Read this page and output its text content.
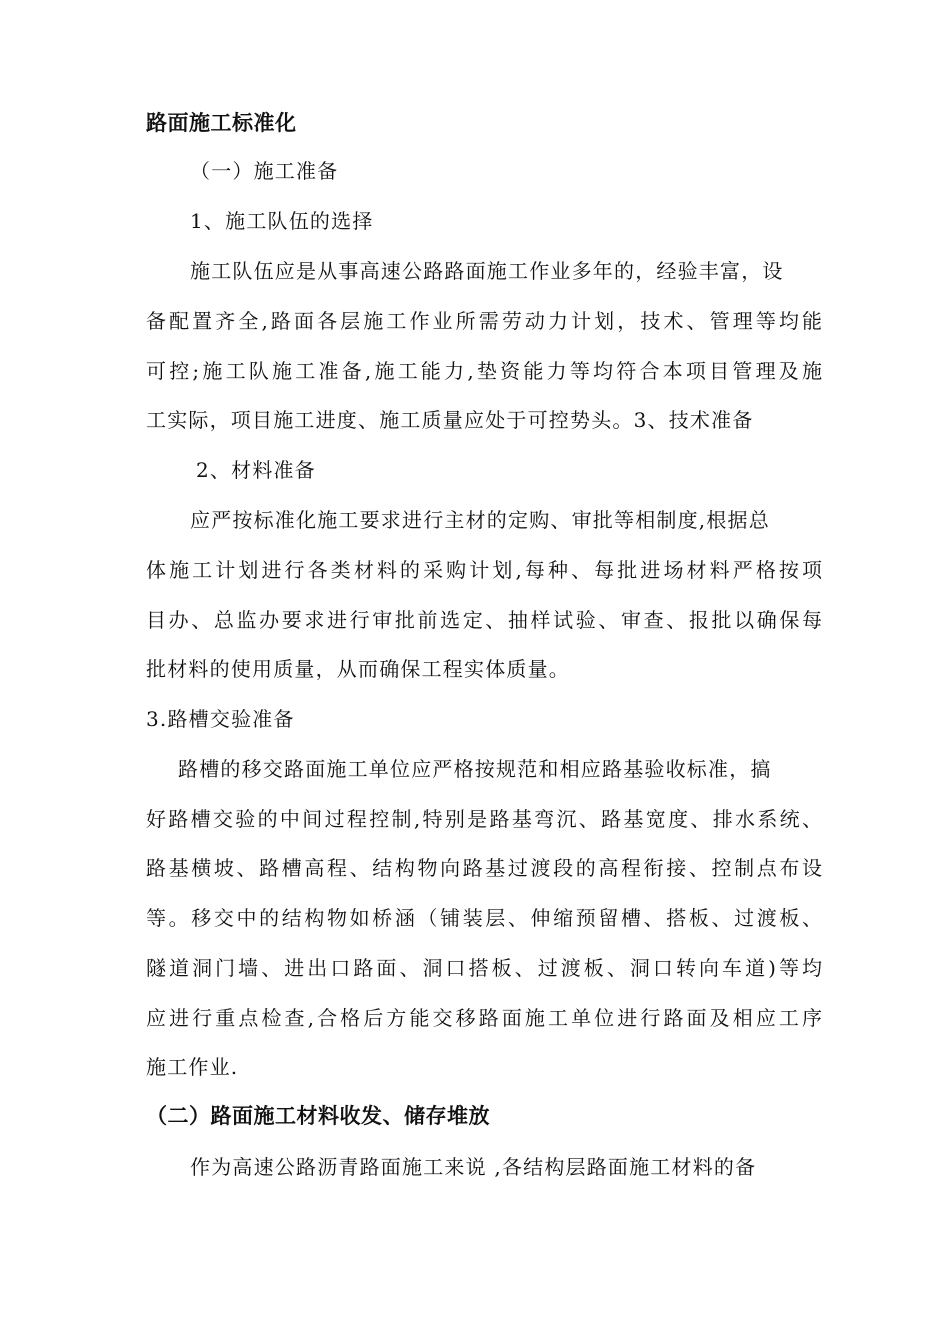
路面施工标准化
（一）施工准备
1、施工队伍的选择
施工队伍应是从事高速公路路面施工作业多年的，经验丰富，设
备配置齐全,路面各层施工作业所需劳动力计划，技术、管理等均能
可控;施工队施工准备,施工能力,垫资能力等均符合本项目管理及施
工实际，项目施工进度、施工质量应处于可控势头。3、技术准备
2、材料准备
应严按标准化施工要求进行主材的定购、审批等相制度,根据总
体施工计划进行各类材料的采购计划,每种、每批进场材料严格按项
目办、总监办要求进行审批前选定、抽样试验、审查、报批以确保每
批材料的使用质量，从而确保工程实体质量。
3.路槽交验准备
路槽的移交路面施工单位应严格按规范和相应路基验收标准，搞
好路槽交验的中间过程控制,特别是路基弯沉、路基宽度、排水系统、
路基横坡、路槽高程、结构物向路基过渡段的高程衔接、控制点布设
等。移交中的结构物如桥涵（铺装层、伸缩预留槽、搭板、过渡板、
隧道洞门墙、进出口路面、洞口搭板、过渡板、洞口转向车道)等均
应进行重点检查,合格后方能交移路面施工单位进行路面及相应工序
施工作业.
（二）路面施工材料收发、储存堆放
作为高速公路沥青路面施工来说 ,各结构层路面施工材料的备
